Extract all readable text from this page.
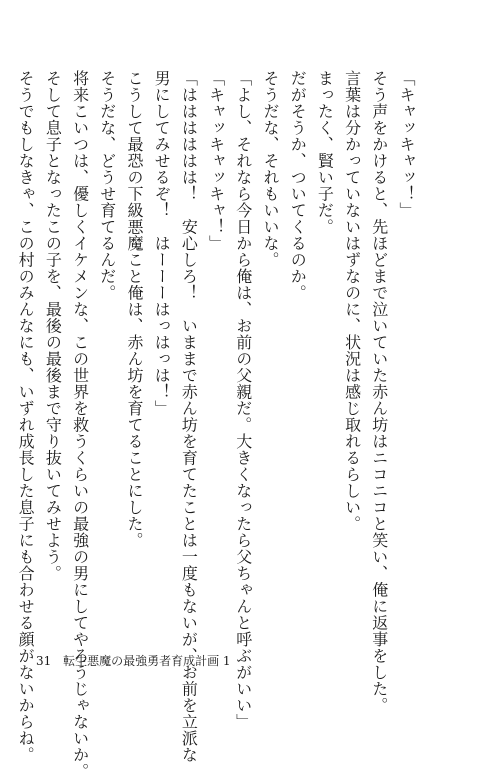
「キャッキャッ！」
そう声をかけると、先ほどまで泣いていた赤ん坊はニコニコと笑い、俺に返事をした。
言葉は分かっていないはずなのに、状況は感じ取れるらしい。
まったく、賢い子だ。
だがそうか、ついてくるのか。
そうだな、それもいいな。
「よし、それなら今日から俺は、お前の父親だ。大きくなったら父ちゃんと呼ぶがいい」
「キャッキャッキャ！」
「はははははは！　安心しろ！　いままで赤ん坊を育てたことは一度もないが、お前を立派な
男にしてみせるぞ！　はーーーはっはっは！」
こうして最恐の下級悪魔こと俺は、赤ん坊を育てることにした。
そうだな、どうせ育てるんだ。
将来こいつは、優しくイケメンな、この世界を救うくらいの最強の男にしてやろうじゃないか。
そして息子となったこの子を、最後の最後まで守り抜いてみせよう。
そうでもしなきゃ、この村のみんなにも、いずれ成長した息子にも合わせる顔がないからね。 31 転生悪魔の最強勇者育成計画 1
